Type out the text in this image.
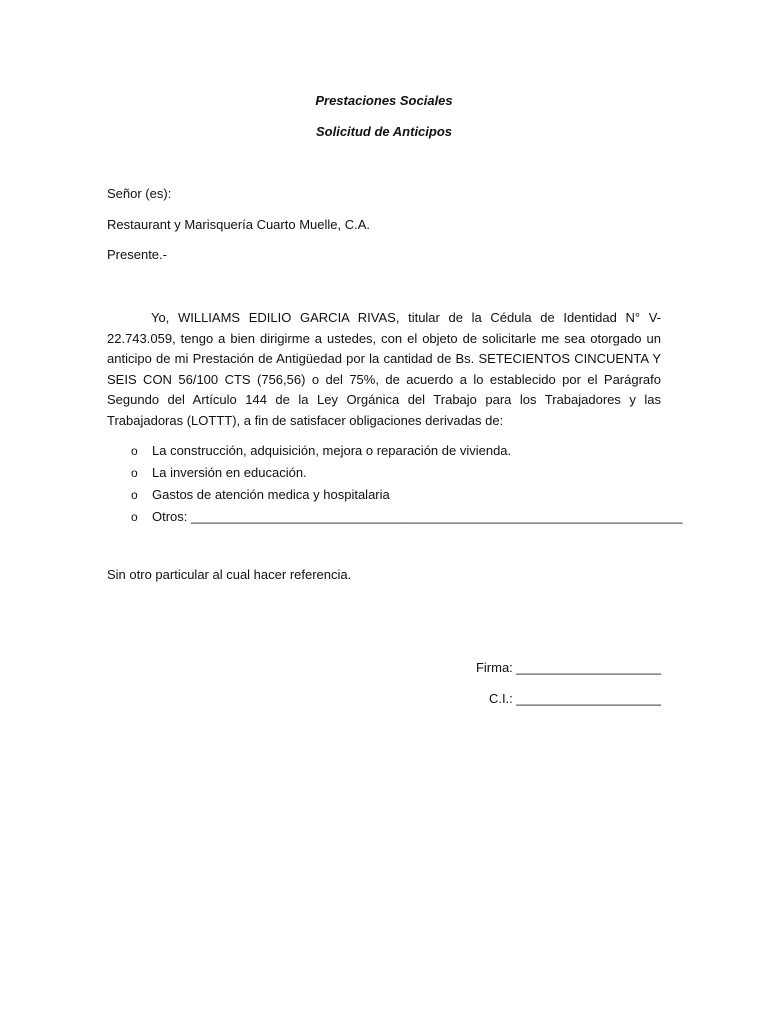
Prestaciones Sociales
Solicitud de Anticipos
Señor (es):
Restaurant y Marisquería Cuarto Muelle, C.A.
Presente.-

Yo, WILLIAMS EDILIO GARCIA RIVAS, titular de la Cédula de Identidad N° V-22.743.059, tengo a bien dirigirme a ustedes, con el objeto de solicitarle me sea otorgado un anticipo de mi Prestación de Antigüedad por la cantidad de Bs. SETECIENTOS CINCUENTA Y SEIS CON 56/100 CTS (756,56) o del 75%, de acuerdo a lo establecido por el Parágrafo Segundo del Artículo 144 de la Ley Orgánica del Trabajo para los Trabajadores y las Trabajadoras (LOTTT), a fin de satisfacer obligaciones derivadas de:

o La construcción, adquisición, mejora o reparación de vivienda.
o La inversión en educación.
o Gastos de atención medica y hospitalaria
o Otros: ____________________________________________________________________
Sin otro particular al cual hacer referencia.
Firma: ____________________
C.I.: ____________________
